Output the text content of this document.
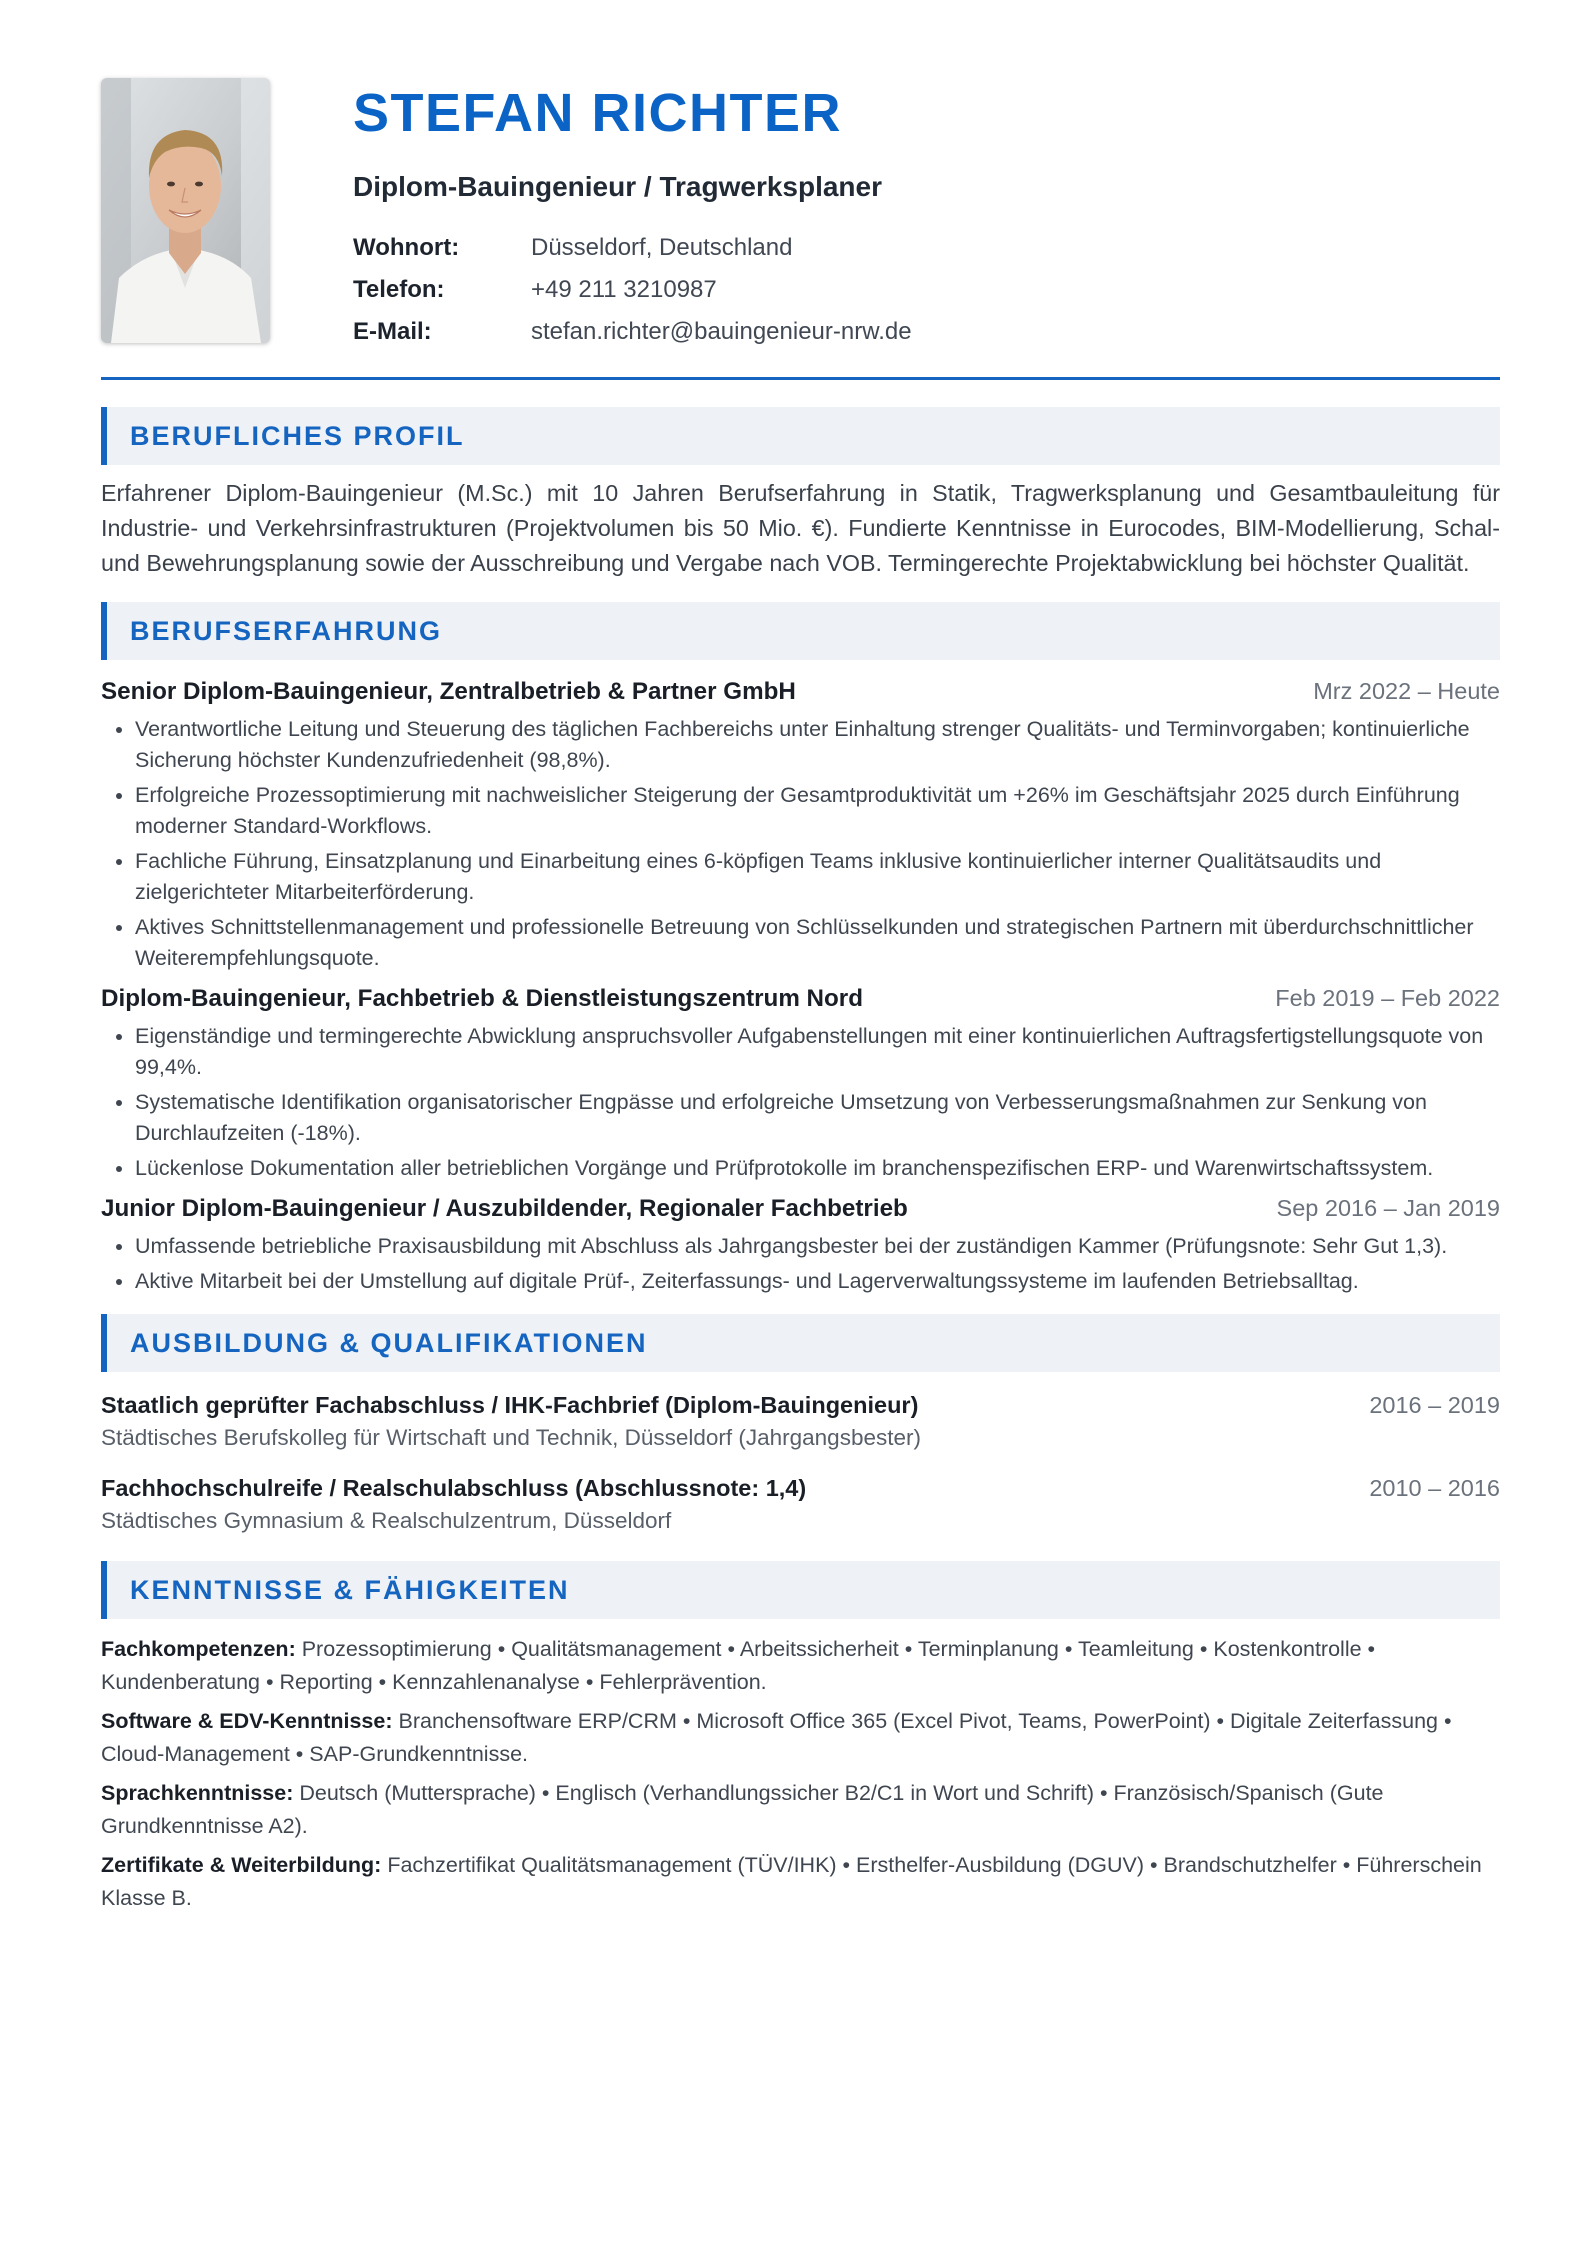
STEFAN RICHTER
Diplom-Bauingenieur / Tragwerksplaner
Wohnort:	Düsseldorf, Deutschland
Telefon:	+49 211 3210987
E-Mail:	stefan.richter@bauingenieur-nrw.de
BERUFLICHES PROFIL
Erfahrener Diplom-Bauingenieur (M.Sc.) mit 10 Jahren Berufserfahrung in Statik, Tragwerksplanung und Gesamtbauleitung für Industrie- und Verkehrsinfrastrukturen (Projektvolumen bis 50 Mio. €). Fundierte Kenntnisse in Eurocodes, BIM-Modellierung, Schal- und Bewehrungsplanung sowie der Ausschreibung und Vergabe nach VOB. Termingerechte Projektabwicklung bei höchster Qualität.
BERUFSERFAHRUNG
Senior Diplom-Bauingenieur, Zentralbetrieb & Partner GmbH	Mrz 2022 – Heute
• Verantwortliche Leitung und Steuerung des täglichen Fachbereichs unter Einhaltung strenger Qualitäts- und Terminvorgaben; kontinuierliche Sicherung höchster Kundenzufriedenheit (98,8%).
• Erfolgreiche Prozessoptimierung mit nachweislicher Steigerung der Gesamtproduktivität um +26% im Geschäftsjahr 2025 durch Einführung moderner Standard-Workflows.
• Fachliche Führung, Einsatzplanung und Einarbeitung eines 6-köpfigen Teams inklusive kontinuierlicher interner Qualitätsaudits und zielgerichteter Mitarbeiterförderung.
• Aktives Schnittstellenmanagement und professionelle Betreuung von Schlüsselkunden und strategischen Partnern mit überdurchschnittlicher Weiterempfehlungsquote.
Diplom-Bauingenieur, Fachbetrieb & Dienstleistungszentrum Nord	Feb 2019 – Feb 2022
• Eigenständige und termingerechte Abwicklung anspruchsvoller Aufgabenstellungen mit einer kontinuierlichen Auftragsfertigstellungsquote von 99,4%.
• Systematische Identifikation organisatorischer Engpässe und erfolgreiche Umsetzung von Verbesserungsmaßnahmen zur Senkung von Durchlaufzeiten (-18%).
• Lückenlose Dokumentation aller betrieblichen Vorgänge und Prüfprotokolle im branchenspezifischen ERP- und Warenwirtschaftssystem.
Junior Diplom-Bauingenieur / Auszubildender, Regionaler Fachbetrieb	Sep 2016 – Jan 2019
• Umfassende betriebliche Praxisausbildung mit Abschluss als Jahrgangsbester bei der zuständigen Kammer (Prüfungsnote: Sehr Gut 1,3).
• Aktive Mitarbeit bei der Umstellung auf digitale Prüf-, Zeiterfassungs- und Lagerverwaltungssysteme im laufenden Betriebsalltag.
AUSBILDUNG & QUALIFIKATIONEN
Staatlich geprüfter Fachabschluss / IHK-Fachbrief (Diplom-Bauingenieur)	2016 – 2019
Städtisches Berufskolleg für Wirtschaft und Technik, Düsseldorf (Jahrgangsbester)
Fachhochschulreife / Realschulabschluss (Abschlussnote: 1,4)	2010 – 2016
Städtisches Gymnasium & Realschulzentrum, Düsseldorf
KENNTNISSE & FÄHIGKEITEN
Fachkompetenzen: Prozessoptimierung • Qualitätsmanagement • Arbeitssicherheit • Terminplanung • Teamleitung • Kostenkontrolle • Kundenberatung • Reporting • Kennzahlenanalyse • Fehlerprävention.
Software & EDV-Kenntnisse: Branchensoftware ERP/CRM • Microsoft Office 365 (Excel Pivot, Teams, PowerPoint) • Digitale Zeiterfassung • Cloud-Management • SAP-Grundkenntnisse.
Sprachkenntnisse: Deutsch (Muttersprache) • Englisch (Verhandlungssicher B2/C1 in Wort und Schrift) • Französisch/Spanisch (Gute Grundkenntnisse A2).
Zertifikate & Weiterbildung: Fachzertifikat Qualitätsmanagement (TÜV/IHK) • Ersthelfer-Ausbildung (DGUV) • Brandschutzhelfer • Führerschein Klasse B.
